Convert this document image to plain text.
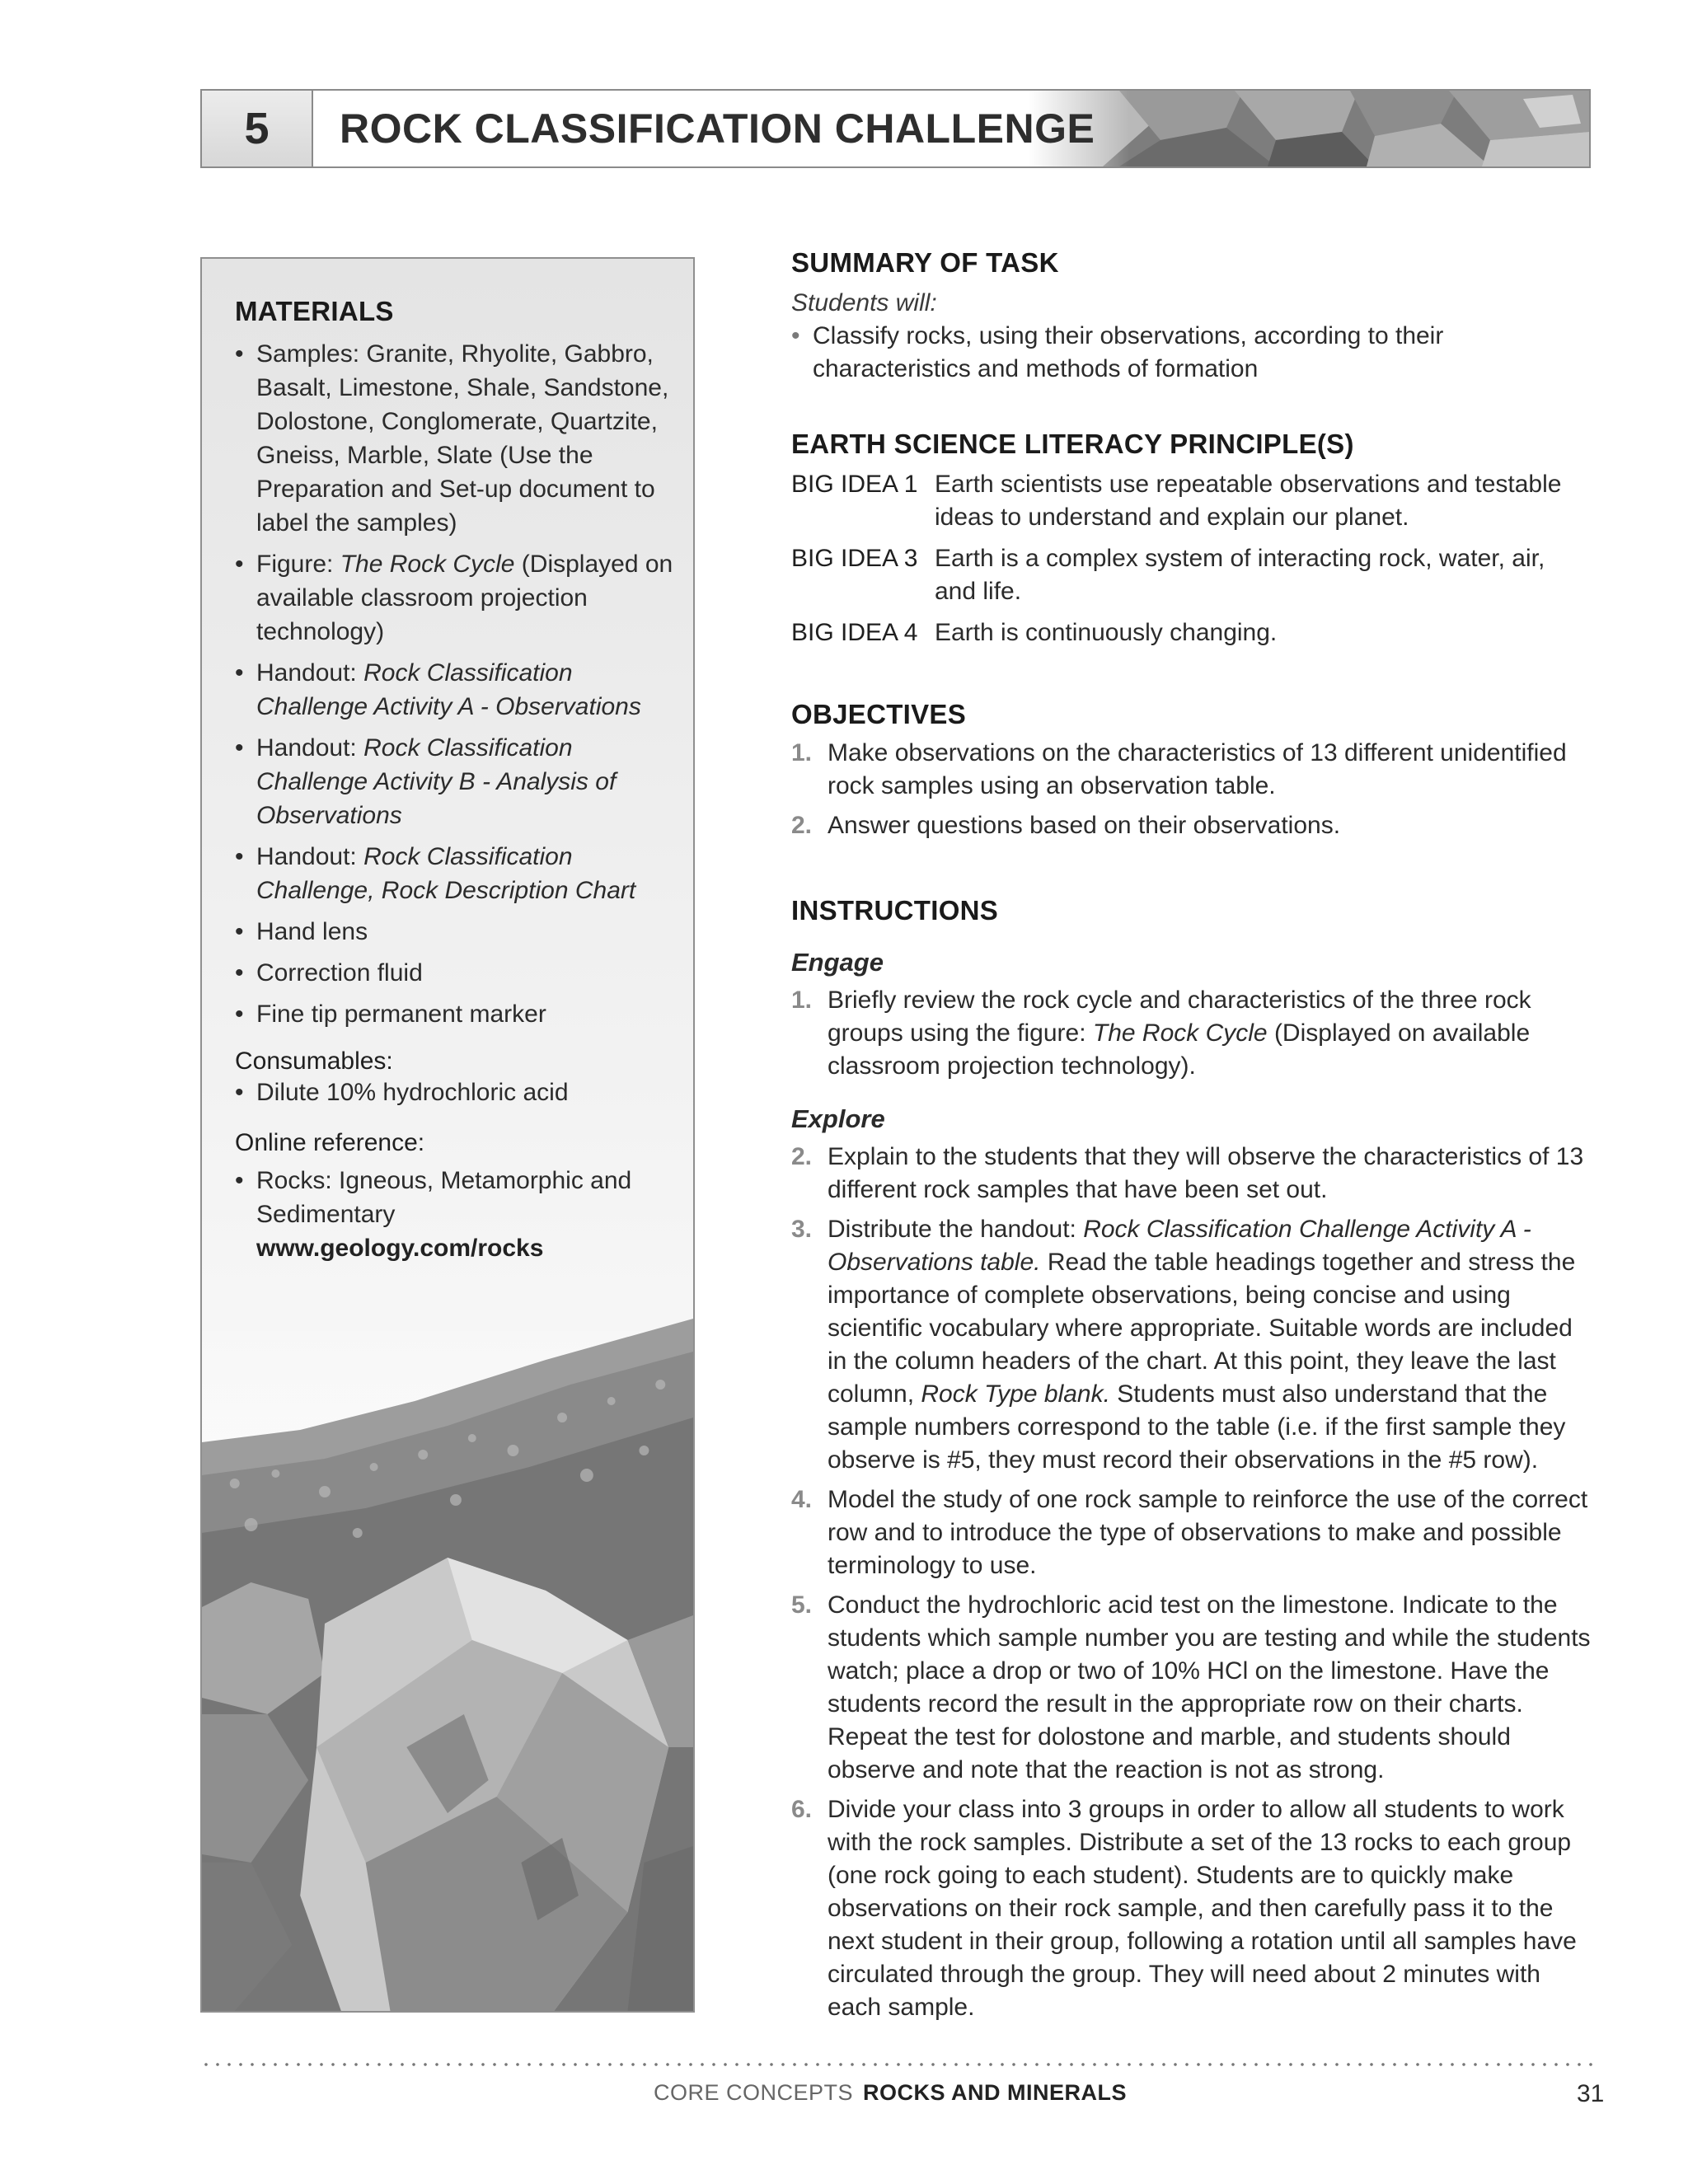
5	ROCK CLASSIFICATION CHALLENGE
MATERIALS
• Samples: Granite, Rhyolite, Gabbro, Basalt, Limestone, Shale, Sandstone, Dolostone, Conglomerate, Quartzite, Gneiss, Marble, Slate (Use the Preparation and Set-up document to label the samples)
• Figure: The Rock Cycle (Displayed on available classroom projection technology)
• Handout: Rock Classification Challenge Activity A - Observations
• Handout: Rock Classification Challenge Activity B - Analysis of Observations
• Handout: Rock Classification Challenge, Rock Description Chart
• Hand lens
• Correction fluid
• Fine tip permanent marker
Consumables:
• Dilute 10% hydrochloric acid
Online reference:
• Rocks: Igneous, Metamorphic and Sedimentary www.geology.com/rocks
SUMMARY OF TASK
Students will:
• Classify rocks, using their observations, according to their characteristics and methods of formation
EARTH SCIENCE LITERACY PRINCIPLE(S)
BIG IDEA 1 Earth scientists use repeatable observations and testable ideas to understand and explain our planet.
BIG IDEA 3 Earth is a complex system of interacting rock, water, air, and life.
BIG IDEA 4 Earth is continuously changing.
OBJECTIVES
1. Make observations on the characteristics of 13 different unidentified rock samples using an observation table.
2. Answer questions based on their observations.
INSTRUCTIONS
Engage
1. Briefly review the rock cycle and characteristics of the three rock groups using the figure: The Rock Cycle (Displayed on available classroom projection technology).
Explore
2. Explain to the students that they will observe the characteristics of 13 different rock samples that have been set out.
3. Distribute the handout: Rock Classification Challenge Activity A - Observations table. Read the table headings together and stress the importance of complete observations, being concise and using scientific vocabulary where appropriate. Suitable words are included in the column headers of the chart. At this point, they leave the last column, Rock Type blank. Students must also understand that the sample numbers correspond to the table (i.e. if the first sample they observe is #5, they must record their observations in the #5 row).
4. Model the study of one rock sample to reinforce the use of the correct row and to introduce the type of observations to make and possible terminology to use.
5. Conduct the hydrochloric acid test on the limestone. Indicate to the students which sample number you are testing and while the students watch; place a drop or two of 10% HCl on the limestone. Have the students record the result in the appropriate row on their charts. Repeat the test for dolostone and marble, and students should observe and note that the reaction is not as strong.
6. Divide your class into 3 groups in order to allow all students to work with the rock samples. Distribute a set of the 13 rocks to each group (one rock going to each student). Students are to quickly make observations on their rock sample, and then carefully pass it to the next student in their group, following a rotation until all samples have circulated through the group. They will need about 2 minutes with each sample.
CORE CONCEPTS ROCKS AND MINERALS	31
